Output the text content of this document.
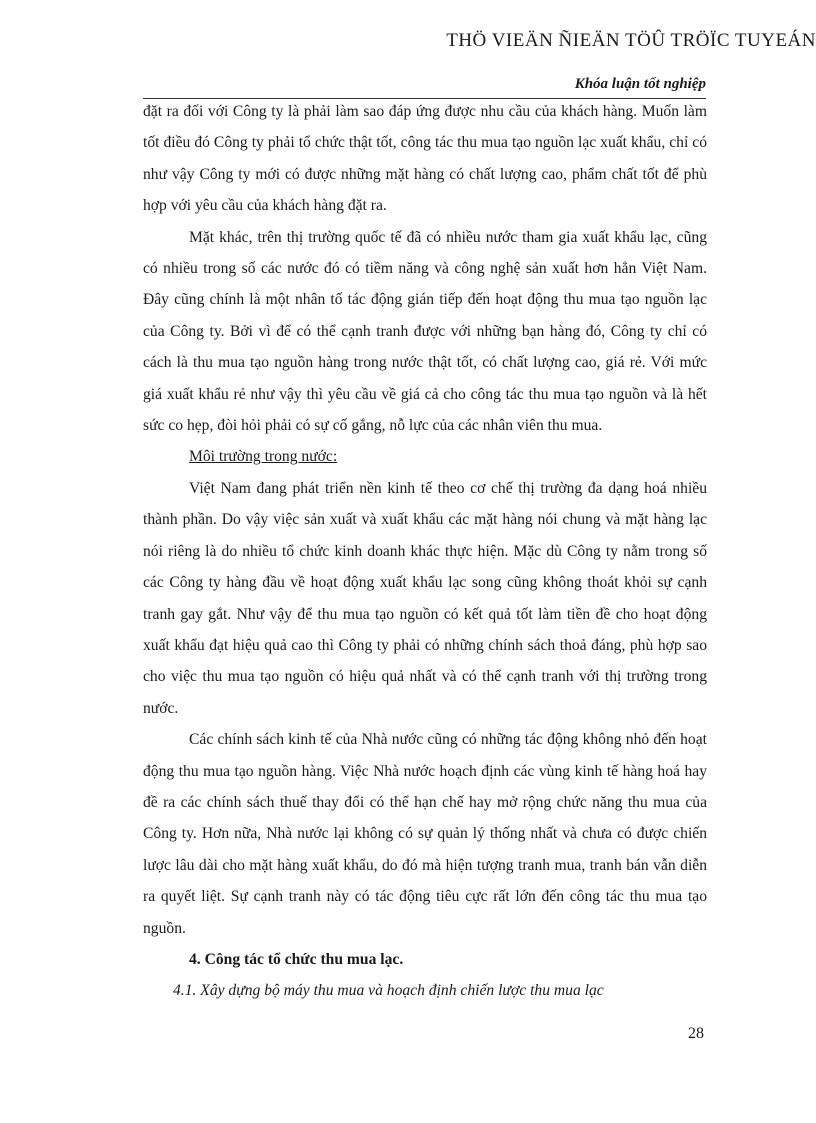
THÖ VIEÄN ÑIEÄN TÖÛ TRÖÏC TUYEÁN
Khóa luận tốt nghiệp

đặt ra đối với Công ty là phải làm sao đáp ứng được nhu cầu của khách hàng. Muốn làm tốt điều đó Công ty phải tổ chức thật tốt, công tác thu mua tạo nguồn lạc xuất khẩu, chỉ có như vậy Công ty mới có được những mặt hàng có chất lượng cao, phẩm chất tốt để phù hợp với yêu cầu của khách hàng đặt ra.

Mặt khác, trên thị trường quốc tế đã có nhiều nước tham gia xuất khẩu lạc, cũng có nhiều trong số các nước đó có tiềm năng và công nghệ sản xuất hơn hẳn Việt Nam. Đây cũng chính là một nhân tố tác động gián tiếp đến hoạt động thu mua tạo nguồn lạc của Công ty. Bởi vì để có thể cạnh tranh được với những bạn hàng đó, Công ty chỉ có cách là thu mua tạo nguồn hàng trong nước thật tốt, có chất lượng cao, giá rẻ. Với mức giá xuất khẩu rẻ như vậy thì yêu cầu về giá cả cho công tác thu mua tạo nguồn và là hết sức co hẹp, đòi hỏi phải có sự cố gắng, nỗ lực của các nhân viên thu mua.

Môi trường trong nước:

Việt Nam đang phát triển nền kinh tế theo cơ chế thị trường đa dạng hoá nhiều thành phần. Do vậy việc sản xuất và xuất khẩu các mặt hàng nói chung và mặt hàng lạc nói riêng là do nhiều tổ chức kinh doanh khác thực hiện. Mặc dù Công ty nằm trong số các Công ty hàng đầu về hoạt động xuất khẩu lạc song cũng không thoát khỏi sự cạnh tranh gay gắt. Như vậy để thu mua tạo nguồn có kết quả tốt làm tiền đề cho hoạt động xuất khẩu đạt hiệu quả cao thì Công ty phải có những chính sách thoả đáng, phù hợp sao cho việc thu mua tạo nguồn có hiệu quả nhất và có thể cạnh tranh với thị trường trong nước.

Các chính sách kinh tế của Nhà nước cũng có những tác động không nhỏ đến hoạt động thu mua tạo nguồn hàng. Việc Nhà nước hoạch định các vùng kinh tế hàng hoá hay đề ra các chính sách thuế thay đổi có thể hạn chế hay mở rộng chức năng thu mua của Công ty. Hơn nữa, Nhà nước lại không có sự quản lý thống nhất và chưa có được chiến lược lâu dài cho mặt hàng xuất khẩu, do đó mà hiện tượng tranh mua, tranh bán vẫn diễn ra quyết liệt. Sự cạnh tranh này có tác động tiêu cực rất lớn đến công tác thu mua tạo nguồn.

4. Công tác tổ chức thu mua lạc.

4.1. Xây dựng bộ máy thu mua và hoạch định chiến lược thu mua lạc

28
